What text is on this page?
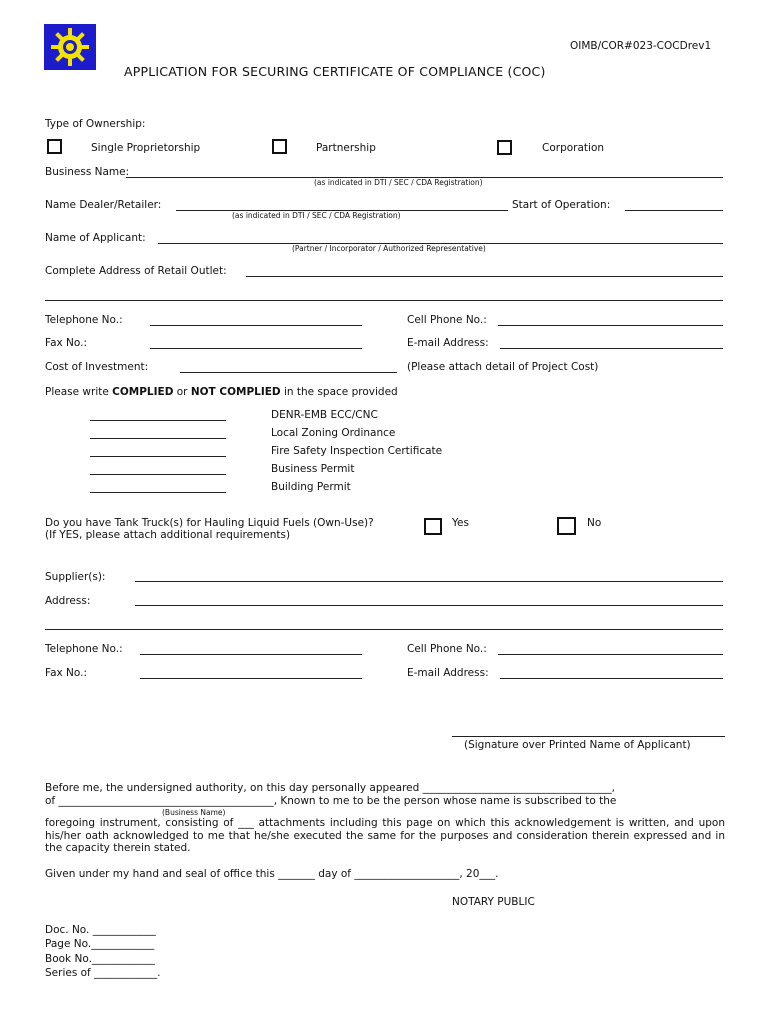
OIMB/COR#023-COCDrev1
APPLICATION FOR SECURING CERTIFICATE OF COMPLIANCE (COC)
Type of Ownership:
Single Proprietorship	Partnership	Corporation
Business Name:
(as indicated in DTI / SEC / CDA Registration)
Name Dealer/Retailer:
(as indicated in DTI / SEC / CDA Registration)
Start of Operation:
Name of Applicant:
(Partner / Incorporator / Authorized Representative)
Complete Address of Retail Outlet:
Telephone No.:	Cell Phone No.:
Fax No.:	E-mail Address:
Cost of Investment:	(Please attach detail of Project Cost)
Please write COMPLIED or NOT COMPLIED in the space provided
DENR-EMB ECC/CNC
Local Zoning Ordinance
Fire Safety Inspection Certificate
Business Permit
Building Permit
Do you have Tank Truck(s) for Hauling Liquid Fuels (Own-Use)?
(If YES, please attach additional requirements)
Yes	No
Supplier(s):
Address:
Telephone No.:	Cell Phone No.:
Fax No.:	E-mail Address:
(Signature over Printed Name of Applicant)
Before me, the undersigned authority, on this day personally appeared ____________________________________,
of _________________________________________, Known to me to be the person whose name is subscribed to the
(Business Name)
foregoing instrument, consisting of ___ attachments including this page on which this acknowledgement is written, and upon his/her oath acknowledged to me that he/she executed the same for the purposes and consideration therein expressed and in the capacity therein stated.
Given under my hand and seal of office this _______ day of ____________________, 20___.
NOTARY PUBLIC
Doc. No. ____________
Page No.____________
Book No.____________
Series of ____________.
